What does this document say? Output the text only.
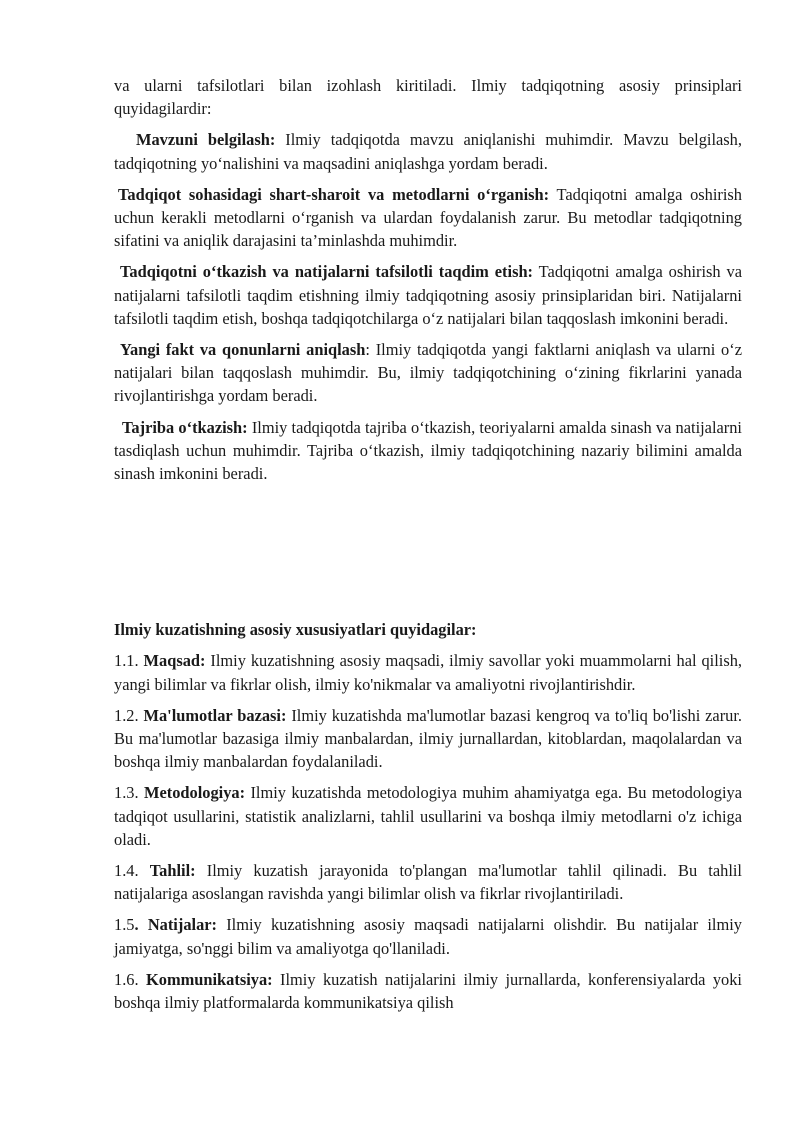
va ularni tafsilotlari bilan izohlash kiritiladi. Ilmiy tadqiqotning asosiy prinsiplari quyidagilardir:

Mavzuni belgilash: Ilmiy tadqiqotda mavzu aniqlanishi muhimdir. Mavzu belgilash, tadqiqotning yo‘nalishini va maqsadini aniqlashga yordam beradi.

Tadqiqot sohasidagi shart-sharoit va metodlarni o‘rganish: Tadqiqotni amalga oshirish uchun kerakli metodlarni o‘rganish va ulardan foydalanish zarur. Bu metodlar tadqiqotning sifatini va aniqlik darajasini ta’minlashda muhimdir.

Tadqiqotni o‘tkazish va natijalarni tafsilotli taqdim etish: Tadqiqotni amalga oshirish va natijalarni tafsilotli taqdim etishning ilmiy tadqiqotning asosiy prinsiplaridan biri. Natijalarni tafsilotli taqdim etish, boshqa tadqiqotchilarga o‘z natijalari bilan taqqoslash imkonini beradi.

Yangi fakt va qonunlarni aniqlash: Ilmiy tadqiqotda yangi faktlarni aniqlash va ularni o‘z natijalari bilan taqqoslash muhimdir. Bu, ilmiy tadqiqotchining o‘zining fikrlarini yanada rivojlantirishga yordam beradi.

Tajriba o‘tkazish: Ilmiy tadqiqotda tajriba o‘tkazish, teoriyalarni amalda sinash va natijalarni tasdiqlash uchun muhimdir. Tajriba o‘tkazish, ilmiy tadqiqotchining nazariy bilimini amalda sinash imkonini beradi.

Ilmiy kuzatishning asosiy xususiyatlari quyidagilar:

1.1. Maqsad: Ilmiy kuzatishning asosiy maqsadi, ilmiy savollar yoki muammolarni hal qilish, yangi bilimlar va fikrlar olish, ilmiy ko'nikmalar va amaliyotni rivojlantirishdir.

1.2. Ma'lumotlar bazasi: Ilmiy kuzatishda ma'lumotlar bazasi kengroq va to'liq bo'lishi zarur. Bu ma'lumotlar bazasiga ilmiy manbalardan, ilmiy jurnallardan, kitoblardan, maqolalardan va boshqa ilmiy manbalardan foydalaniladi.

1.3. Metodologiya: Ilmiy kuzatishda metodologiya muhim ahamiyatga ega. Bu metodologiya tadqiqot usullarini, statistik analizlarni, tahlil usullarini va boshqa ilmiy metodlarni o'z ichiga oladi.

1.4. Tahlil: Ilmiy kuzatish jarayonida to'plangan ma'lumotlar tahlil qilinadi. Bu tahlil natijalariga asoslangan ravishda yangi bilimlar olish va fikrlar rivojlantiriladi.

1.5. Natijalar: Ilmiy kuzatishning asosiy maqsadi natijalarni olishdir. Bu natijalar ilmiy jamiyatga, so'nggi bilim va amaliyotga qo'llaniladi.

1.6. Kommunikatsiya: Ilmiy kuzatish natijalarini ilmiy jurnallarda, konferensiyalarda yoki boshqa ilmiy platformalarda kommunikatsiya qilish
